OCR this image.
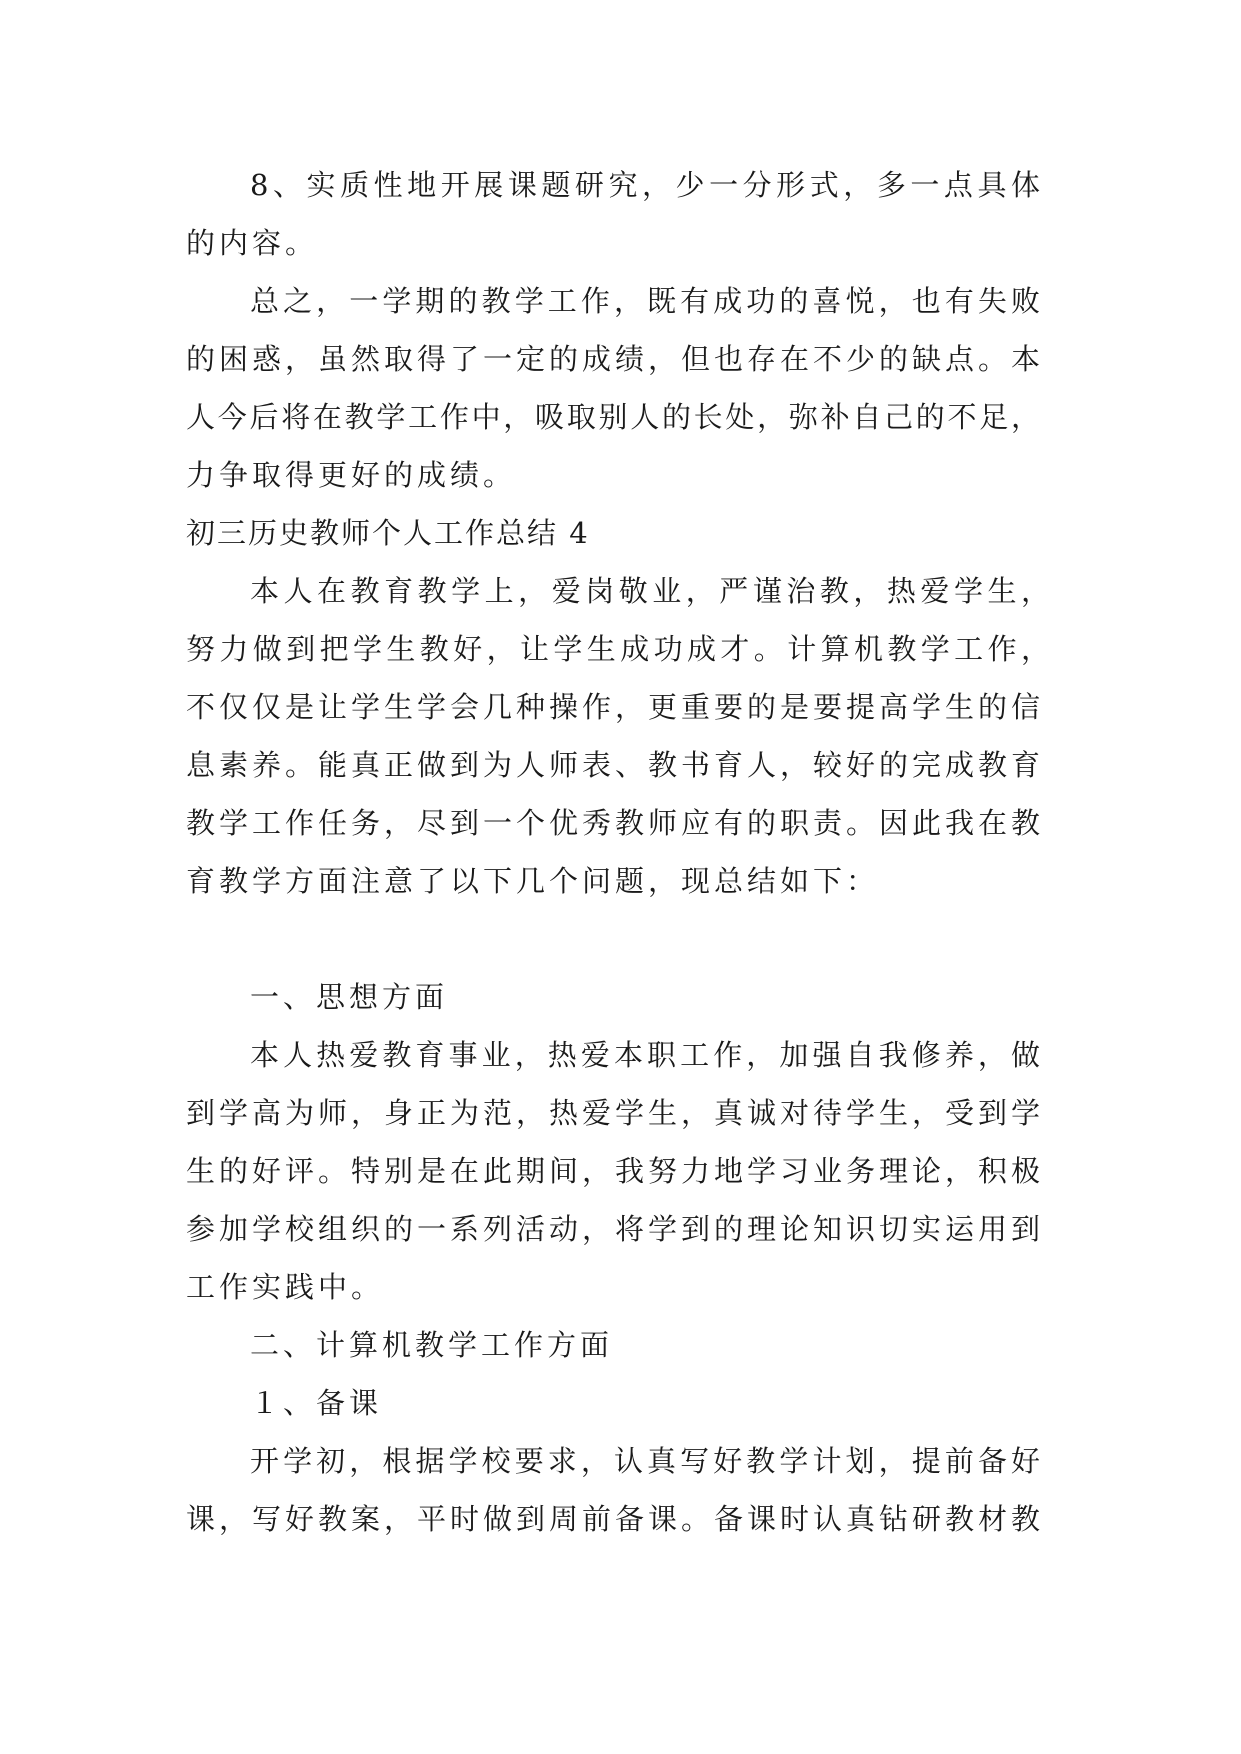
8、实质性地开展课题研究，少一分形式，多一点具体

的内容。

总之，一学期的教学工作，既有成功的喜悦，也有失败

的困惑，虽然取得了一定的成绩，但也存在不少的缺点。本

人今后将在教学工作中，吸取别人的长处，弥补自己的不足，

力争取得更好的成绩。

初三历史教师个人工作总结 4

本人在教育教学上，爱岗敬业，严谨治教，热爱学生，

努力做到把学生教好，让学生成功成才。计算机教学工作，

不仅仅是让学生学会几种操作，更重要的是要提高学生的信

息素养。能真正做到为人师表、教书育人，较好的完成教育

教学工作任务，尽到一个优秀教师应有的职责。因此我在教

育教学方面注意了以下几个问题，现总结如下：

一、思想方面

本人热爱教育事业，热爱本职工作，加强自我修养，做

到学高为师，身正为范，热爱学生，真诚对待学生，受到学

生的好评。特别是在此期间，我努力地学习业务理论，积极

参加学校组织的一系列活动，将学到的理论知识切实运用到

工作实践中。

二、计算机教学工作方面

１、备课

开学初，根据学校要求，认真写好教学计划，提前备好

课，写好教案，平时做到周前备课。备课时认真钻研教材教
